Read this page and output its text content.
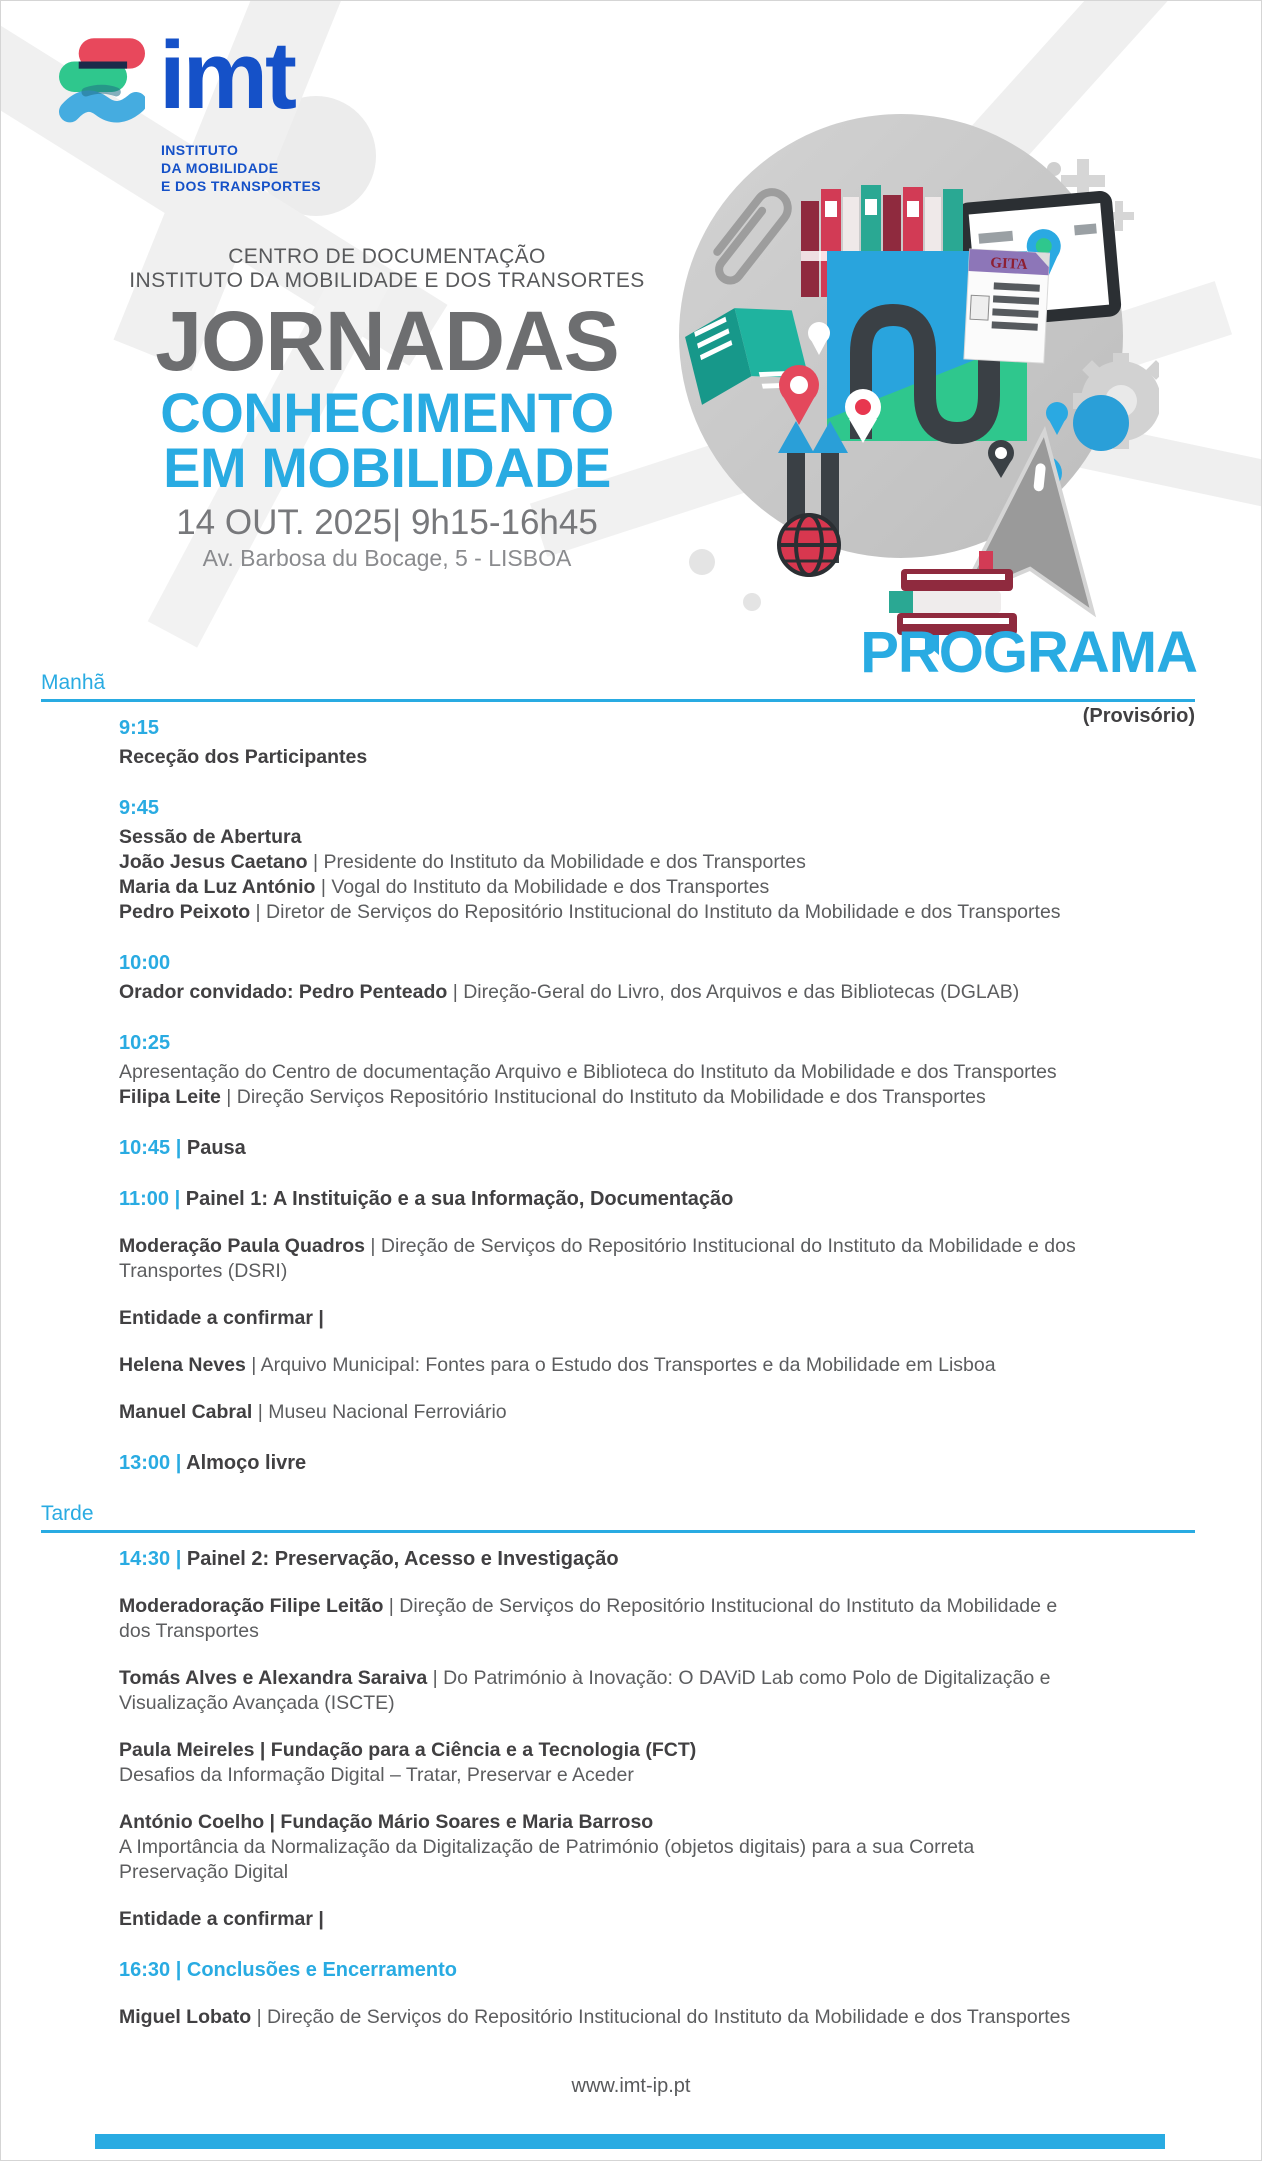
imt
INSTITUTO
DA MOBILIDADE
E DOS TRANSPORTES
CENTRO DE DOCUMENTAÇÃO
INSTITUTO DA MOBILIDADE E DOS TRANSORTES
JORNADAS
CONHECIMENTO
EM MOBILIDADE
14 OUT. 2025| 9h15-16h45
Av. Barbosa du Bocage, 5 - LISBOA
GITA
PROGRAMA
(Provisório)
Manhã
9:15
Receção dos Participantes
9:45
Sessão de Abertura
João Jesus Caetano | Presidente do Instituto da Mobilidade e dos Transportes
Maria da Luz António | Vogal do Instituto da Mobilidade e dos Transportes
Pedro Peixoto | Diretor de Serviços do Repositório Institucional do Instituto da Mobilidade e dos Transportes
10:00
Orador convidado: Pedro Penteado | Direção-Geral do Livro, dos Arquivos e das Bibliotecas (DGLAB)
10:25
Apresentação do Centro de documentação Arquivo e Biblioteca do Instituto da Mobilidade e dos Transportes
Filipa Leite | Direção Serviços Repositório Institucional do Instituto da Mobilidade e dos Transportes
10:45 | Pausa
11:00 | Painel 1: A Instituição e a sua Informação, Documentação
Moderação Paula Quadros | Direção de Serviços do Repositório Institucional do Instituto da Mobilidade e dos
Transportes (DSRI)
Entidade a confirmar |
Helena Neves | Arquivo Municipal: Fontes para o Estudo dos Transportes e da Mobilidade em Lisboa
Manuel Cabral | Museu Nacional Ferroviário
13:00 | Almoço livre
Tarde
14:30 | Painel 2: Preservação, Acesso e Investigação
Moderadoração Filipe Leitão | Direção de Serviços do Repositório Institucional do Instituto da Mobilidade e
dos Transportes
Tomás Alves e Alexandra Saraiva | Do Património à Inovação: O DAViD Lab como Polo de Digitalização e
Visualização Avançada (ISCTE)
Paula Meireles | Fundação para a Ciência e a Tecnologia (FCT)
Desafios da Informação Digital – Tratar, Preservar e Aceder
António Coelho | Fundação Mário Soares e Maria Barroso
A Importância da Normalização da Digitalização de Património (objetos digitais) para a sua Correta
Preservação Digital
Entidade a confirmar |
16:30 | Conclusões e Encerramento
Miguel Lobato | Direção de Serviços do Repositório Institucional do Instituto da Mobilidade e dos Transportes
www.imt-ip.pt
